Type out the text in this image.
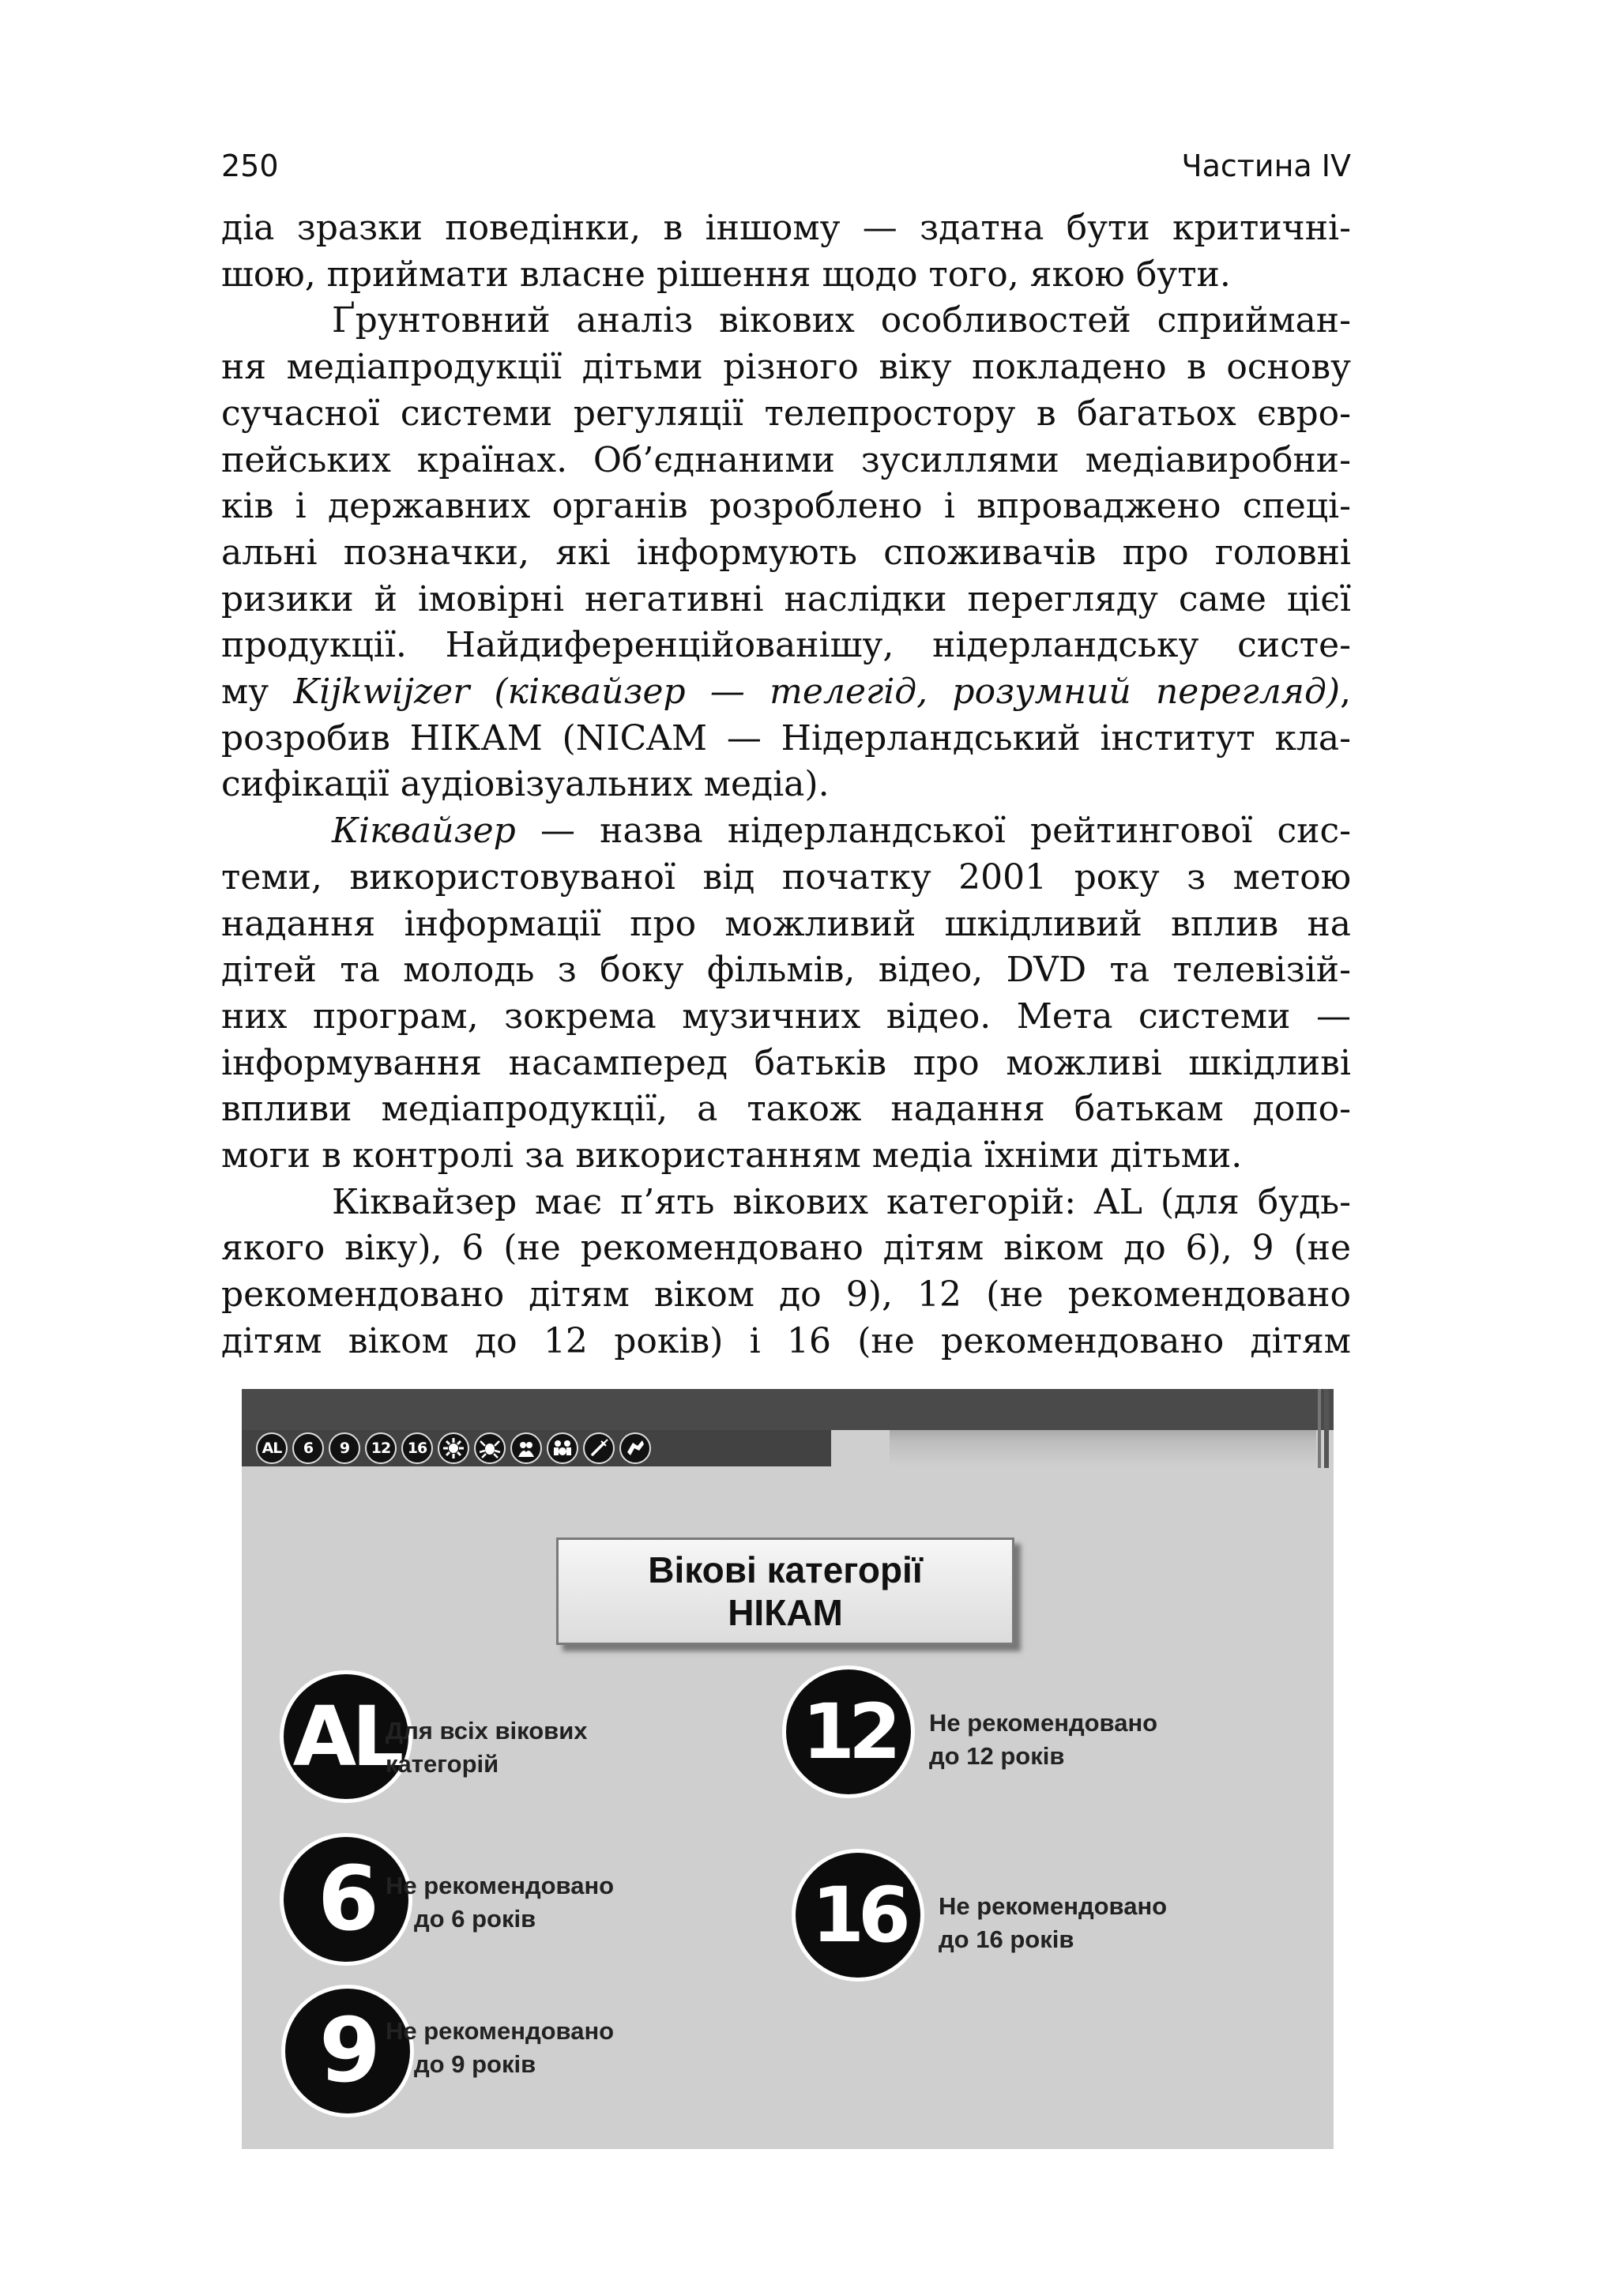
250	Частина IV
діа зразки поведінки, в іншому — здатна бути критичні-
шою, приймати власне рішення щодо того, якою бути.
Ґрунтовний аналіз вікових особливостей сприйман-
ня медіапродукції дітьми різного віку покладено в основу
сучасної системи регуляції телепростору в багатьох євро-
пейських країнах. Об’єднаними зусиллями медіавиробни-
ків і державних органів розроблено і впроваджено спеці-
альні позначки, які інформують споживачів про головні
ризики й імовірні негативні наслідки перегляду саме цієї
продукції. Найдиференційованішу, нідерландську систе-
му Kijkwijzer (кіквайзер — телегід, розумний перегляд),
розробив НІКАМ (NICAM — Нідерландський інститут кла-
сифікації аудіовізуальних медіа).
Кіквайзер — назва нідерландської рейтингової сис-
теми, використовуваної від початку 2001 року з метою
надання інформації про можливий шкідливий вплив на
дітей та молодь з боку фільмів, відео, DVD та телевізій-
них програм, зокрема музичних відео. Мета системи —
інформування насамперед батьків про можливі шкідливі
впливи медіапродукції, а також надання батькам допо-
моги в контролі за використанням медіа їхніми дітьми.
Кіквайзер має п’ять вікових категорій: AL (для будь-
якого віку), 6 (не рекомендовано дітям віком до 6), 9 (не
рекомендовано дітям віком до 9), 12 (не рекомендовано
дітям віком до 12 років) і 16 (не рекомендовано дітям
AL	6	9	12	16
Вікові категорії
НІКАМ
AL
Для всіх вікових
категорій
6 Не рекомендовано
до 6 років
9 Не рекомендовано
до 9 років
12	Не рекомендовано
до 12 років
16	Не рекомендовано
до 16 років
